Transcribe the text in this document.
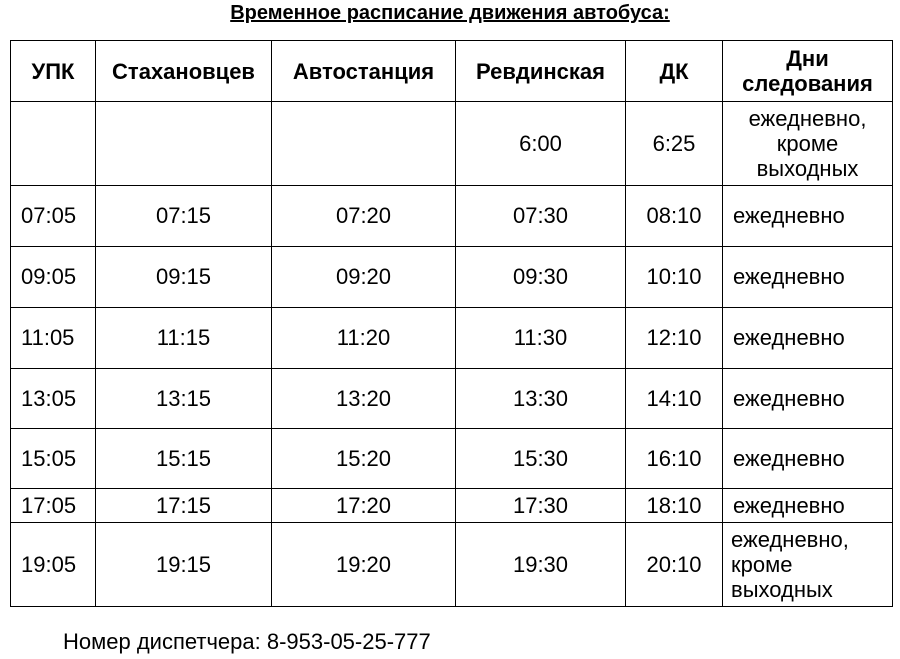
Временное расписание движения автобуса:
УПК	Стахановцев	Автостанция	Ревдинская	ДК	Дни следования
			6:00	6:25	ежедневно, кроме выходных
07:05	07:15	07:20	07:30	08:10	ежедневно
09:05	09:15	09:20	09:30	10:10	ежедневно
11:05	11:15	11:20	11:30	12:10	ежедневно
13:05	13:15	13:20	13:30	14:10	ежедневно
15:05	15:15	15:20	15:30	16:10	ежедневно
17:05	17:15	17:20	17:30	18:10	ежедневно
19:05	19:15	19:20	19:30	20:10	ежедневно, кроме выходных
Номер диспетчера: 8-953-05-25-777
